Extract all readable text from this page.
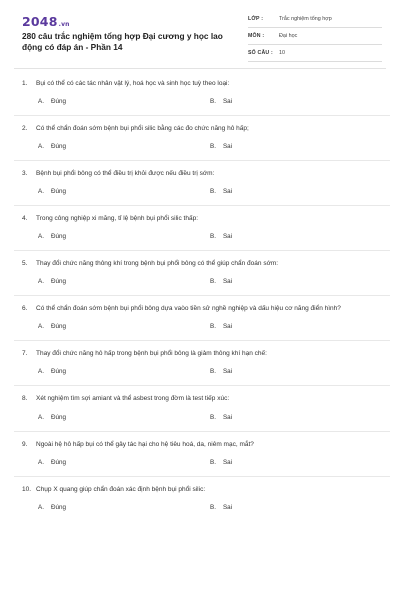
2048.vn
280 câu trắc nghiệm tổng hợp Đại cương y học lao động có đáp án - Phần 14
LỚP :	Trắc nghiệm tổng hợp
MÔN :	Đại học
SỐ CÂU : 10
1. Bụi có thể có các tác nhân vật lý, hoá học và sinh học tuỳ theo loại:
A. Đúng	B. Sai
2. Có thể chẩn đoán sớm bệnh bụi phổi silic bằng các đo chức năng hô hấp;
A. Đúng	B. Sai
3. Bệnh bụi phổi bông có thể điều trị khỏi được nếu điều trị sớm:
A. Đúng	B. Sai
4. Trong công nghiệp xi măng, tỉ lệ bệnh bụi phổi silic thấp:
A. Đúng	B. Sai
5. Thay đổi chức năng thông khí trong bệnh bụi phổi bông có thể giúp chẩn đoán sớm:
A. Đúng	B. Sai
6. Có thể chẩn đoán sớm bệnh bụi phổi bông dựa vaòo tiền sử nghề nghiệp và dấu hiệu cơ năng điển hình?
A. Đúng	B. Sai
7. Thay đổi chức năng hô hấp trong bệnh bụi phổi bông là giảm thông khí hạn chế:
A. Đúng	B. Sai
8. Xét nghiệm tìm sợi amiant và thể asbest trong đờm là test tiếp xúc:
A. Đúng	B. Sai
9. Ngoài hệ hô hấp bụi có thể gây tác hại cho hệ tiêu hoá, da, niêm mạc, mắt?
A. Đúng	B. Sai
10. Chụp X quang giúp chẩn đoán xác định bệnh bụi phổi silic:
A. Đúng	B. Sai
